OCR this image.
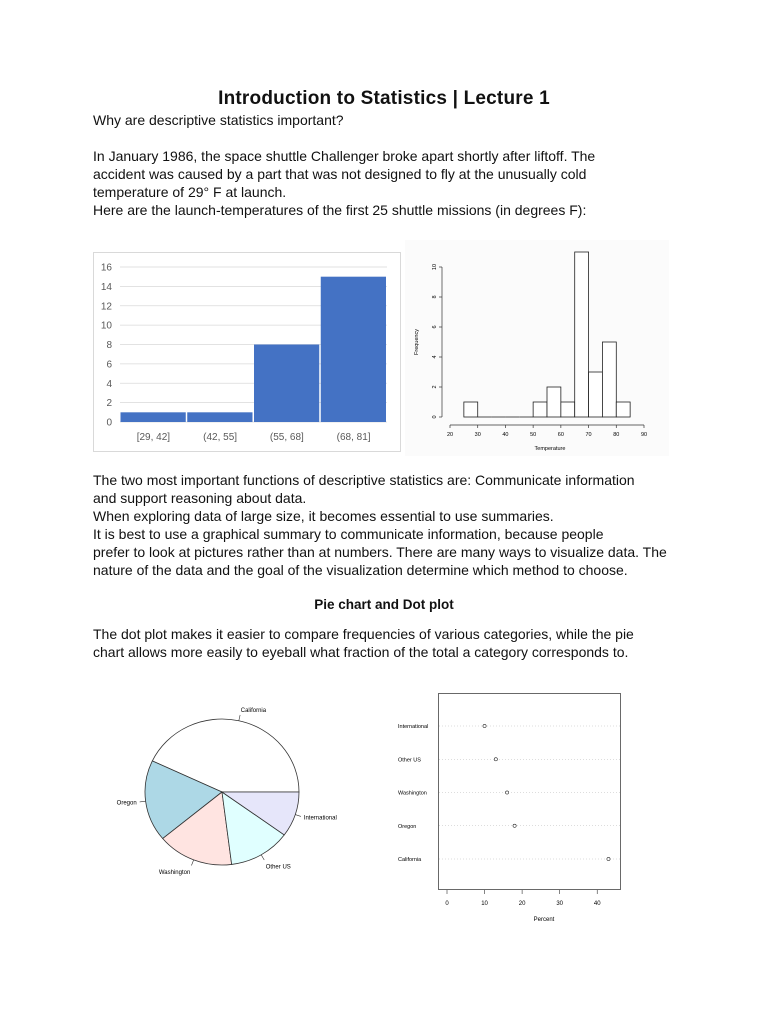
Introduction to Statistics | Lecture 1

Why are descriptive statistics important?

In January 1986, the space shuttle Challenger broke apart shortly after liftoff. The

accident was caused by a part that was not designed to fly at the unusually cold

temperature of 29° F at launch.

Here are the launch-temperatures of the first 25 shuttle missions (in degrees F):

0
2
4
6
8
10
12
14
16
[29, 42]	(42, 55]	(55, 68]	(68, 81]	20	30	40	50	60	70	80	90
0
2
4
6
8
10
Temperature
Frequency

The two most important functions of descriptive statistics are: Communicate information

and support reasoning about data.

When exploring data of large size, it becomes essential to use summaries.

It is best to use a graphical summary to communicate information, because people

prefer to look at pictures rather than at numbers. There are many ways to visualize data. The

nature of the data and the goal of the visualization determine which method to choose.

Pie chart and Dot plot

The dot plot makes it easier to compare frequencies of various categories, while the pie

chart allows more easily to eyeball what fraction of the total a category corresponds to.

California
Oregon
Washington
Other US
International
International
Other US
Washington
Oregon
California
0	10	20	30	40
Percent
